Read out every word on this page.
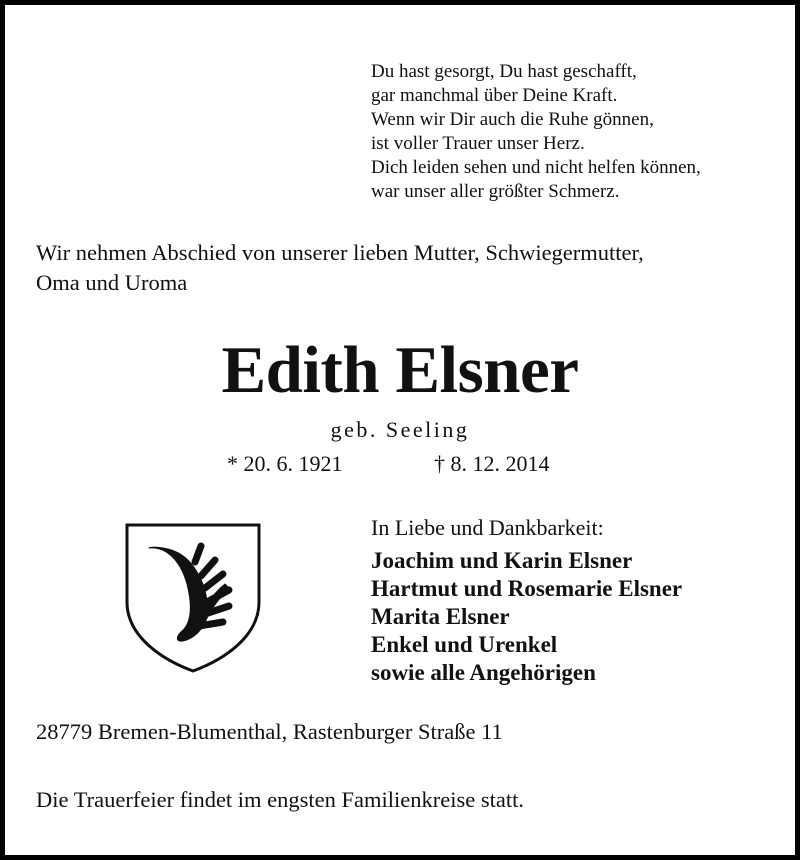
Du hast gesorgt, Du hast geschafft,
gar manchmal über Deine Kraft.
Wenn wir Dir auch die Ruhe gönnen,
ist voller Trauer unser Herz.
Dich leiden sehen und nicht helfen können,
war unser aller größter Schmerz.
Wir nehmen Abschied von unserer lieben Mutter, Schwiegermutter,
Oma und Uroma
Edith Elsner
geb. Seeling
* 20. 6. 1921	† 8. 12. 2014
In Liebe und Dankbarkeit:
Joachim und Karin Elsner
Hartmut und Rosemarie Elsner
Marita Elsner
Enkel und Urenkel
sowie alle Angehörigen
28779 Bremen-Blumenthal, Rastenburger Straße 11
Die Trauerfeier findet im engsten Familienkreise statt.
